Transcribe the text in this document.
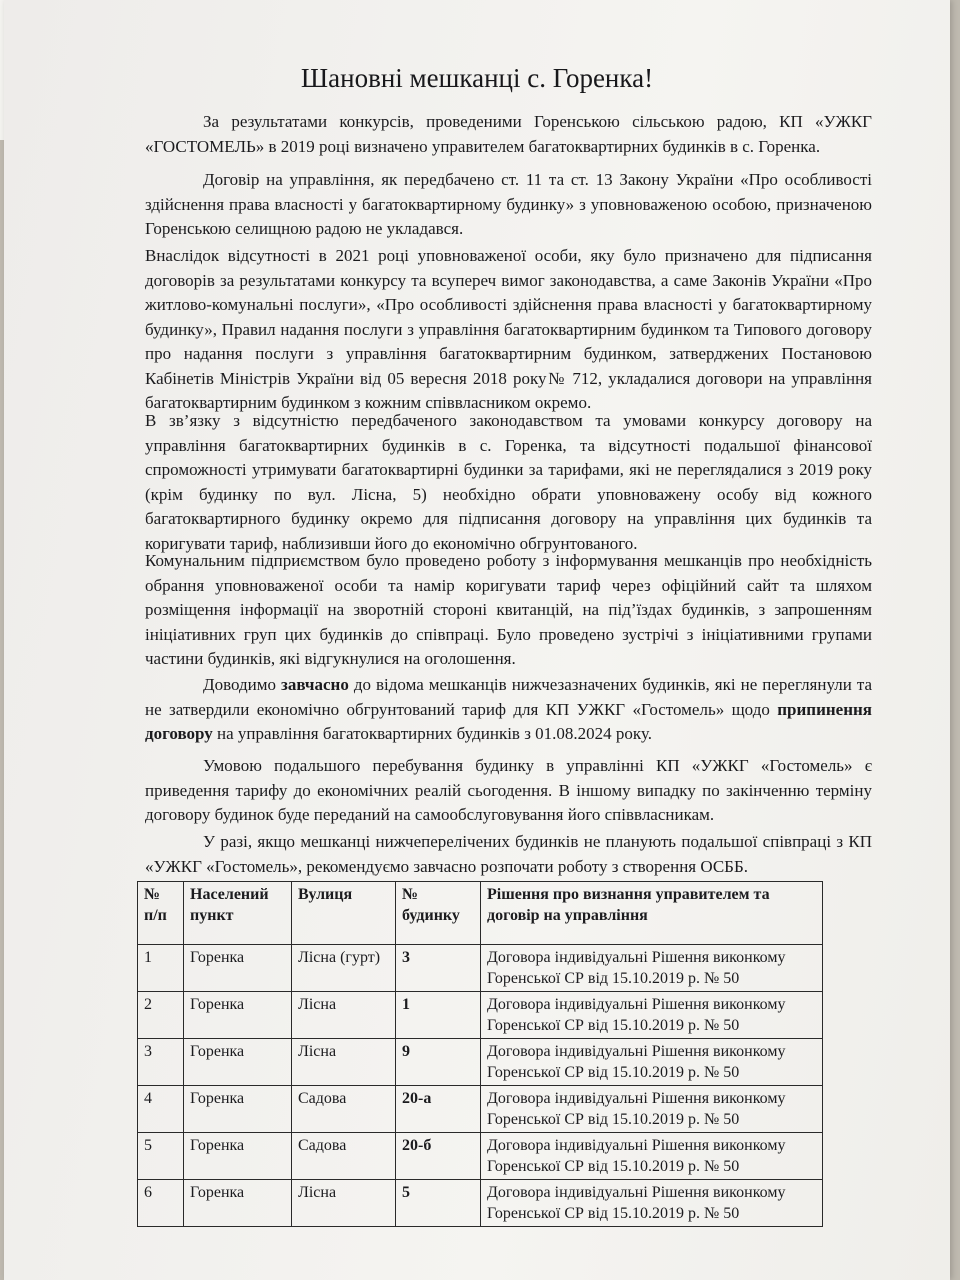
Шановні мешканці с. Горенка!

За результатами конкурсів, проведеними Горенською сільською радою, КП «УЖКГ «ГОСТОМЕЛЬ» в 2019 році визначено управителем багатоквартирних будинків в с. Горенка.

Договір на управління, як передбачено ст. 11 та ст. 13 Закону України «Про особливості здійснення права власності у багатоквартирному будинку» з уповноваженою особою, призначеною Горенською селищною радою не укладався.

Внаслідок відсутності в 2021 році уповноваженої особи, яку було призначено для підписання договорів за результатами конкурсу та всупереч вимог законодавства, а саме Законів України «Про житлово-комунальні послуги», «Про особливості здійснення права власності у багатоквартирному будинку», Правил надання послуги з управління багатоквартирним будинком та Типового договору про надання послуги з управління багатоквартирним будинком, затверджених Постановою Кабінетів Міністрів України від 05 вересня 2018 року№ 712, укладалися договори на управління багатоквартирним будинком з кожним співвласником окремо.

В зв’язку з відсутністю передбаченого законодавством та умовами конкурсу договору на управління багатоквартирних будинків в с. Горенка, та відсутності подальшої фінансової спроможності утримувати багатоквартирні будинки за тарифами, які не переглядалися з 2019 року (крім будинку по вул. Лісна, 5) необхідно обрати уповноважену особу від кожного багатоквартирного будинку окремо для підписання договору на управління цих будинків та коригувати тариф, наблизивши його до економічно обгрунтованого.

Комунальним підприємством було проведено роботу з інформування мешканців про необхідність обрання уповноваженої особи та намір коригувати тариф через офіційний сайт та шляхом розміщення інформації на зворотній стороні квитанцій, на під’їздах будинків, з запрошенням ініціативних груп цих будинків до співпраці. Було проведено зустрічі з ініціативними групами частини будинків, які відгукнулися на оголошення.

Доводимо завчасно до відома мешканців нижчезазначених будинків, які не переглянули та не затвердили економічно обгрунтований тариф для КП УЖКГ «Гостомель» щодо припинення договору на управління багатоквартирних будинків з 01.08.2024 року.

Умовою подальшого перебування будинку в управлінні КП «УЖКГ «Гостомель» є приведення тарифу до економічних реалій сьогодення. В іншому випадку по закінченню терміну договору будинок буде переданий на самообслуговування його співвласникам.

У разі, якщо мешканці нижчеперелічених будинків не планують подальшої співпраці з КП «УЖКГ «Гостомель», рекомендуємо завчасно розпочати роботу з створення ОСББ.

№ п/п	Населений пункт	Вулиця	№ будинку	Рішення про визнання управителем та договір на управління
1	Горенка	Лісна (гурт)	3	Договора індивідуальні Рішення виконкому Горенської СР від 15.10.2019 р. № 50
2	Горенка	Лісна	1	Договора індивідуальні Рішення виконкому Горенської СР від 15.10.2019 р. № 50
3	Горенка	Лісна	9	Договора індивідуальні Рішення виконкому Горенської СР від 15.10.2019 р. № 50
4	Горенка	Садова	20-а	Договора індивідуальні Рішення виконкому Горенської СР від 15.10.2019 р. № 50
5	Горенка	Садова	20-б	Договора індивідуальні Рішення виконкому Горенської СР від 15.10.2019 р. № 50
6	Горенка	Лісна	5	Договора індивідуальні Рішення виконкому Горенської СР від 15.10.2019 р. № 50
